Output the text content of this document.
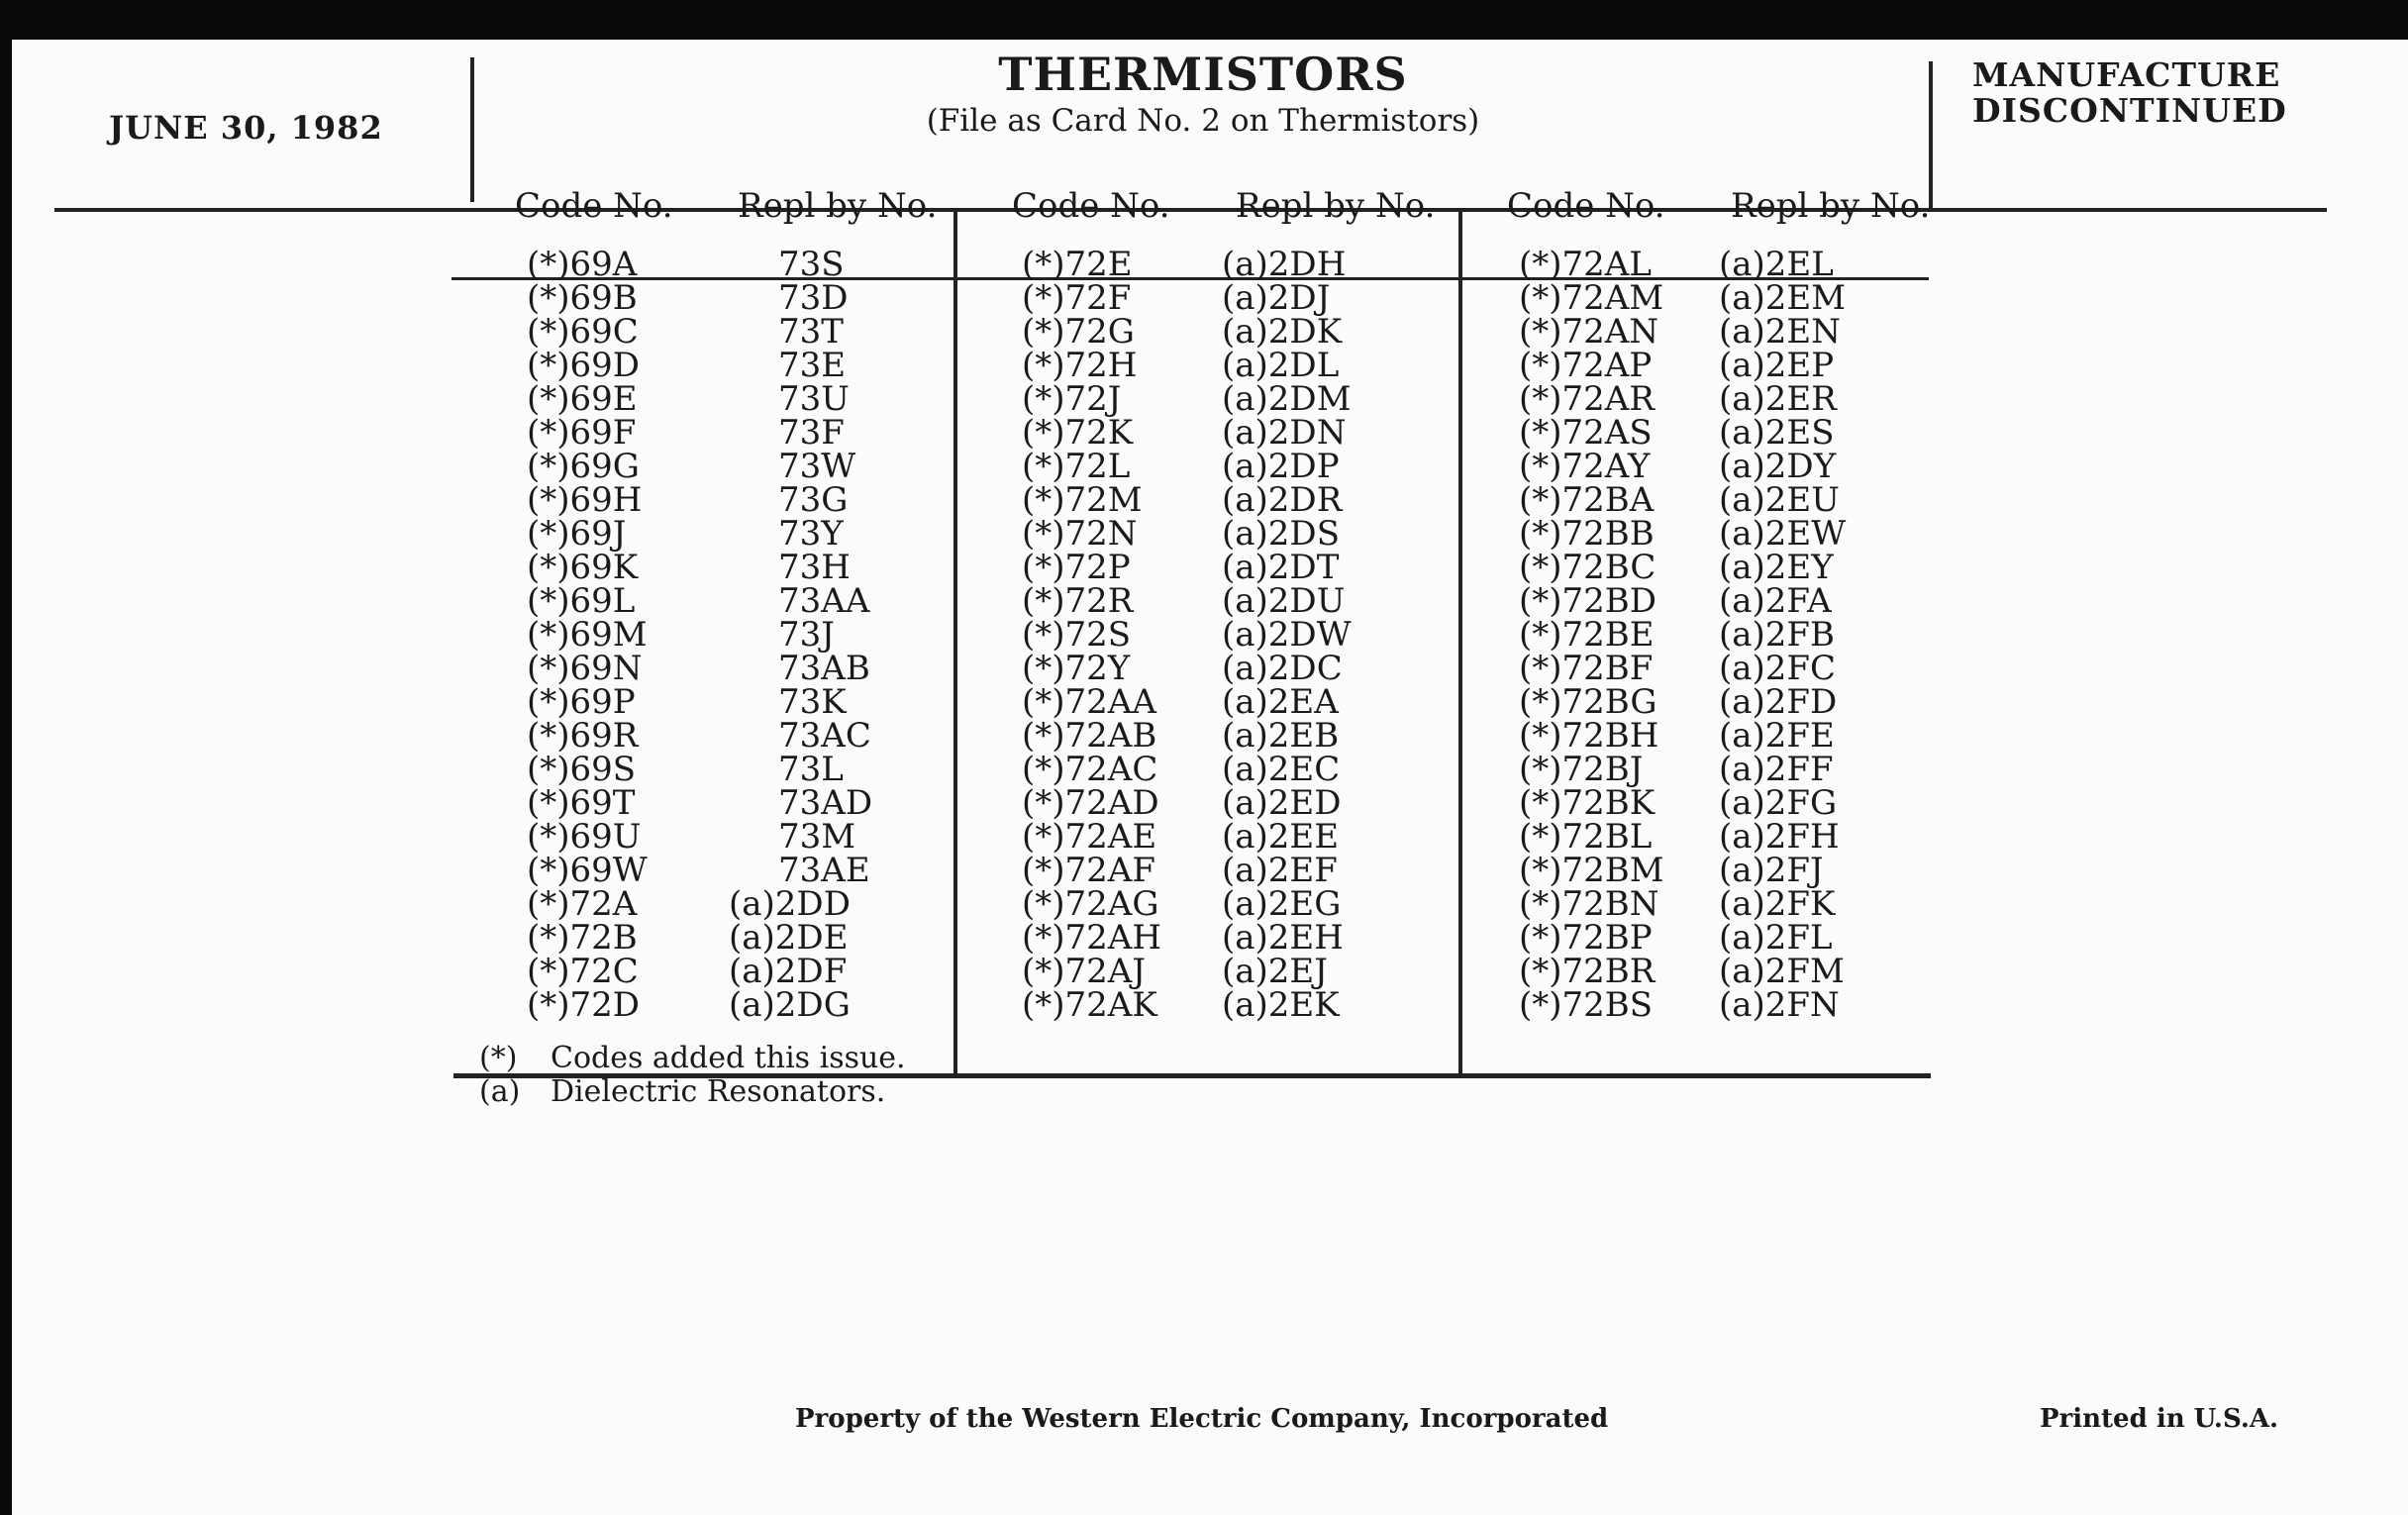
JUNE 30, 1982
THERMISTORS
(File as Card No. 2 on Thermistors)
MANUFACTURE
DISCONTINUED
Code No. Repl by No. Code No. Repl by No. Code No. Repl by No.
(*)69A	73S
(*)69B	73D
(*)69C	73T
(*)69D	73E
(*)69E	73U
(*)69F	73F
(*)69G	73W
(*)69H	73G
(*)69J	73Y
(*)69K	73H
(*)69L	73AA
(*)69M	73J
(*)69N	73AB
(*)69P	73K
(*)69R	73AC
(*)69S	73L
(*)69T	73AD
(*)69U	73M
(*)69W	73AE
(*)72A	(a)2DD
(*)72B	(a)2DE
(*)72C	(a)2DF
(*)72D	(a)2DG
(*)72E	(a)2DH
(*)72F	(a)2DJ
(*)72G	(a)2DK
(*)72H	(a)2DL
(*)72J	(a)2DM
(*)72K	(a)2DN
(*)72L	(a)2DP
(*)72M (a)2DR
(*)72N	(a)2DS
(*)72P	(a)2DT
(*)72R	(a)2DU
(*)72S	(a)2DW
(*)72Y	(a)2DC
(*)72AA (a)2EA
(*)72AB (a)2EB
(*)72AC (a)2EC
(*)72AD (a)2ED
(*)72AE (a)2EE
(*)72AF (a)2EF
(*)72AG (a)2EG
(*)72AH (a)2EH
(*)72AJ (a)2EJ
(*)72AK (a)2EK
(*)72AL (a)2EL
(*)72AM (a)2EM
(*)72AN (a)2EN
(*)72AP (a)2EP
(*)72AR (a)2ER
(*)72AS (a)2ES
(*)72AY (a)2DY
(*)72BA (a)2EU
(*)72BB (a)2EW
(*)72BC (a)2EY
(*)72BD (a)2FA
(*)72BE (a)2FB
(*)72BF (a)2FC
(*)72BG (a)2FD
(*)72BH (a)2FE
(*)72BJ (a)2FF
(*)72BK (a)2FG
(*)72BL (a)2FH
(*)72BM (a)2FJ
(*)72BN (a)2FK
(*)72BP (a)2FL
(*)72BR (a)2FM
(*)72BS (a)2FN
(*) Codes added this issue.
(a) Dielectric Resonators.
Property of the Western Electric Company, Incorporated	Printed in U.S.A.
